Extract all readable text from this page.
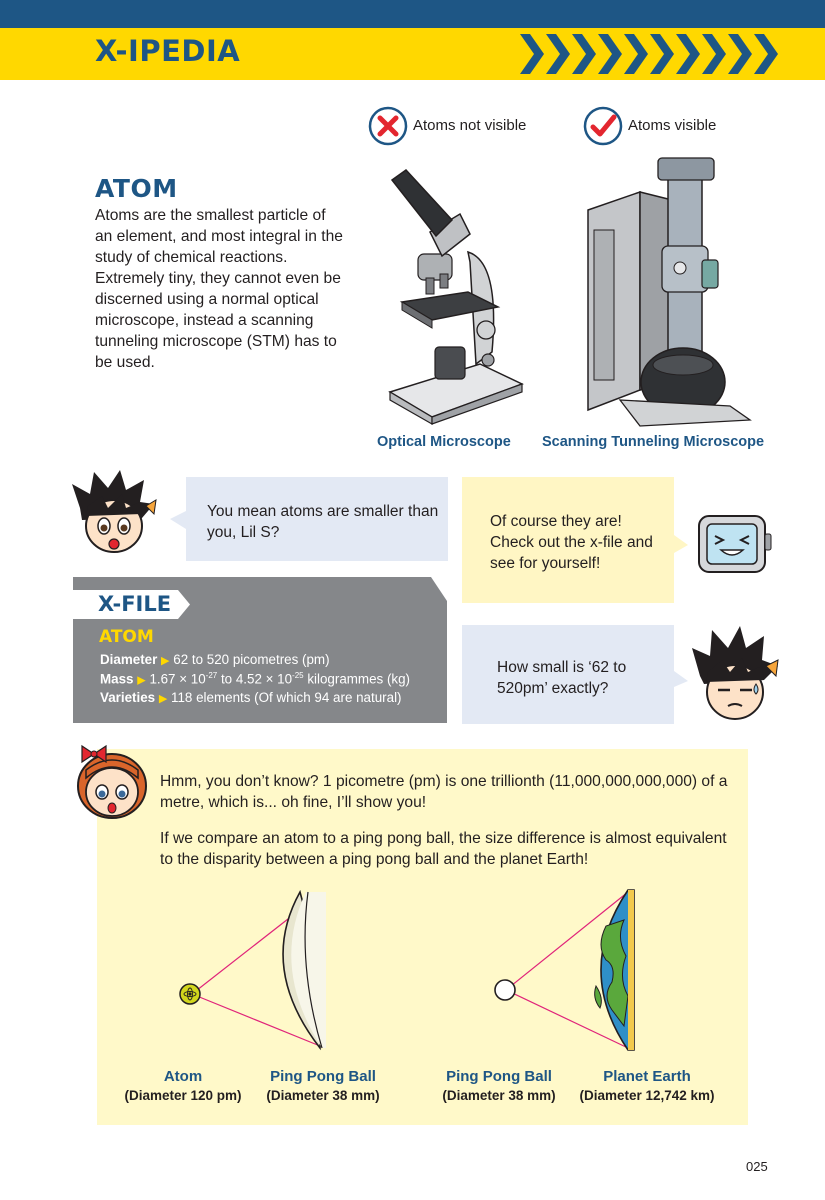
X-IPEDIA
Atoms not visible	Atoms visible
ATOM
Atoms are the smallest particle of an element, and most integral in the study of chemical reactions. Extremely tiny, they cannot even be discerned using a normal optical microscope, instead a scanning tunneling microscope (STM) has to be used.
Optical Microscope Scanning Tunneling Microscope
You mean atoms are smaller than you, Lil S?
Of course they are! Check out the x-file and see for yourself!
X-FILE
ATOM
Diameter ▶ 62 to 520 picometres (pm)
Mass ▶ $1.67 \times 10^{-27}$ to $4.52 \times 10^{-25}$ kilogrammes (kg)
Varieties ▶ 118 elements (Of which 94 are natural)
How small is ‘62 to 520pm’ exactly?
Hmm, you don’t know? 1 picometre (pm) is one trillionth (11,000,000,000,000) of a metre, which is... oh fine, I’ll show you!
If we compare an atom to a ping pong ball, the size difference is almost equivalent to the disparity between a ping pong ball and the planet Earth!
Atom
(Diameter 120 pm)
Ping Pong Ball
(Diameter 38 mm)
Ping Pong Ball
(Diameter 38 mm)
Planet Earth
(Diameter 12,742 km)
025
